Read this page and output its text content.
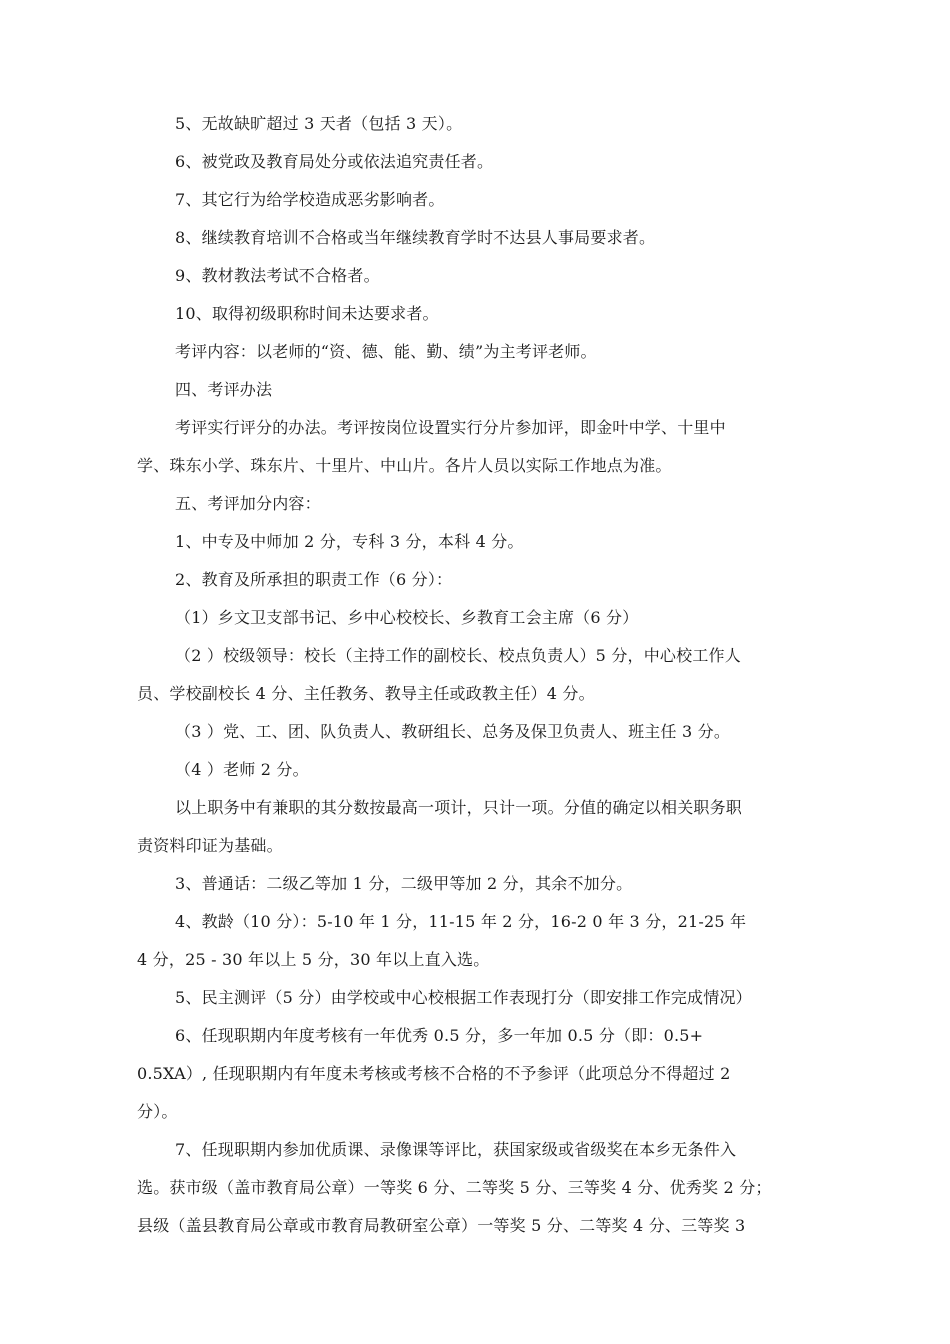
5、无故缺旷超过 3 天者（包括 3 天）。
6、被党政及教育局处分或依法追究责任者。
7、其它行为给学校造成恶劣影响者。
8、继续教育培训不合格或当年继续教育学时不达县人事局要求者。
9、教材教法考试不合格者。
10、取得初级职称时间未达要求者。
考评内容：以老师的“资、德、能、勤、绩”为主考评老师。
四、考评办法
考评实行评分的办法。考评按岗位设置实行分片参加评，即金叶中学、十里中
学、珠东小学、珠东片、十里片、中山片。各片人员以实际工作地点为准。
五、考评加分内容：
1、中专及中师加 2 分，专科 3 分，本科 4 分。
2、教育及所承担的职责工作（6 分）：
（1）乡文卫支部书记、乡中心校校长、乡教育工会主席（6 分）
（2 ）校级领导：校长（主持工作的副校长、校点负责人）5 分，中心校工作人
员、学校副校长 4 分、主任教务、教导主任或政教主任）4 分。
（3 ）党、工、团、队负责人、教研组长、总务及保卫负责人、班主任 3 分。
（4 ）老师 2 分。
以上职务中有兼职的其分数按最高一项计，只计一项。分值的确定以相关职务职
责资料印证为基础。
3、普通话：二级乙等加 1 分，二级甲等加 2 分，其余不加分。
4、教龄（10 分）：5-10 年 1 分，11-15 年 2 分，16-2 0 年 3 分，21-25 年
4 分，25 - 30 年以上 5 分，30 年以上直入选。
5、民主测评（5 分）由学校或中心校根据工作表现打分（即安排工作完成情况）
6、任现职期内年度考核有一年优秀 0.5 分，多一年加 0.5 分（即：0.5+
0.5XA）, 任现职期内有年度未考核或考核不合格的不予参评（此项总分不得超过 2
分）。
7、任现职期内参加优质课、录像课等评比，获国家级或省级奖在本乡无条件入
选。获市级（盖市教育局公章）一等奖 6 分、二等奖 5 分、三等奖 4 分、优秀奖 2 分；
县级（盖县教育局公章或市教育局教研室公章）一等奖 5 分、二等奖 4 分、三等奖 3
